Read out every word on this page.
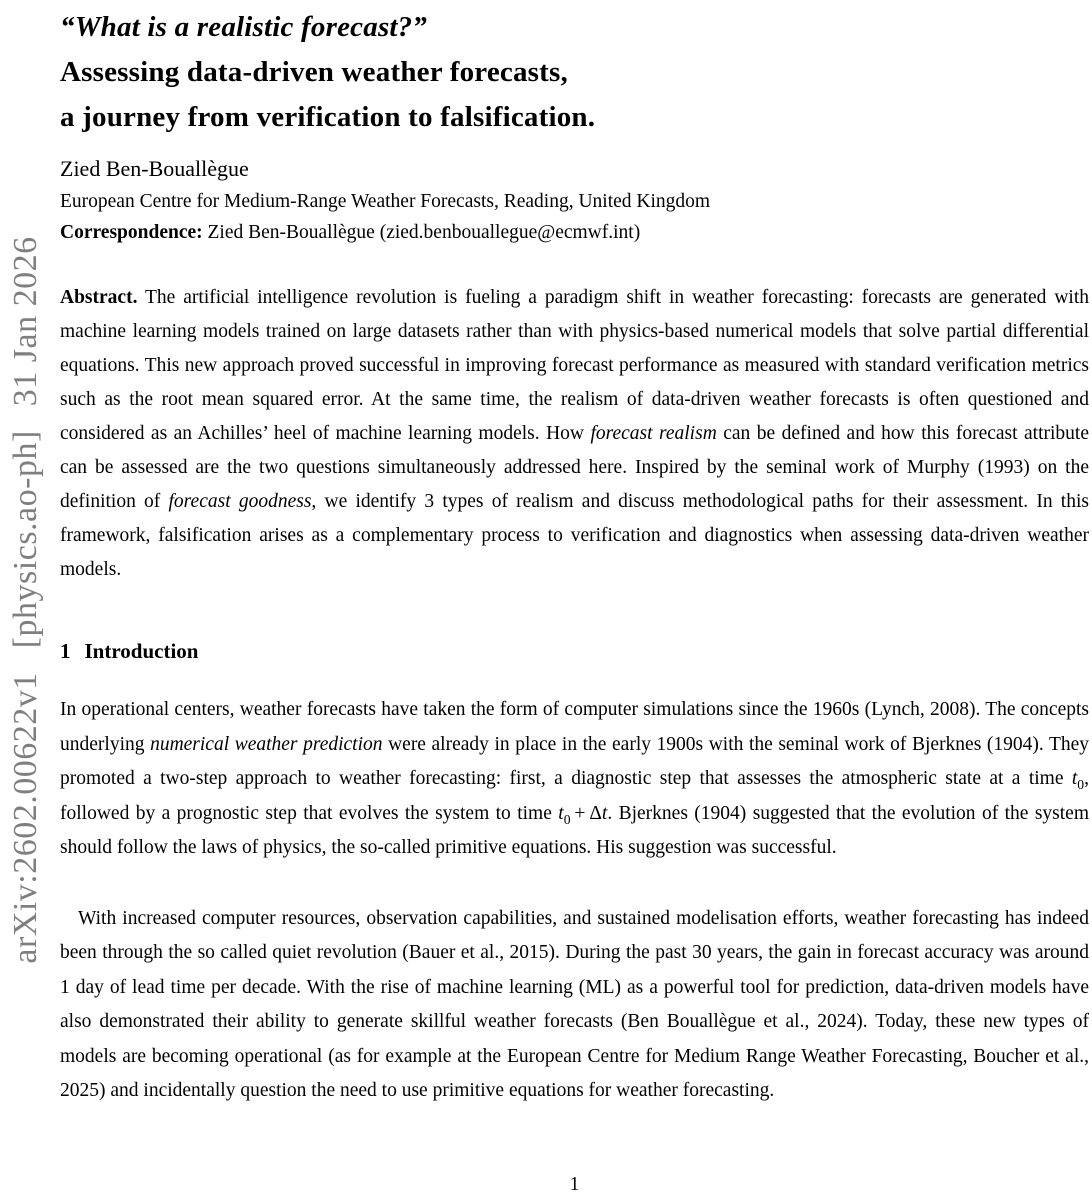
arXiv:2602.00622v1[physics.ao-ph]31 Jan 2026
“What is a realistic forecast?”
Assessing data-driven weather forecasts,
a journey from verification to falsification.
Zied Ben-Bouallègue
European Centre for Medium-Range Weather Forecasts, Reading, United Kingdom
Correspondence: Zied Ben-Bouallègue (zied.benbouallegue@ecmwf.int)

Abstract. The artificial intelligence revolution is fueling a paradigm shift in weather forecasting: forecasts are generated with machine learning models trained on large datasets rather than with physics-based numerical models that solve partial differential equations. This new approach proved successful in improving forecast performance as measured with standard verification metrics such as the root mean squared error. At the same time, the realism of data-driven weather forecasts is often questioned and considered as an Achilles’ heel of machine learning models. How forecast realism can be defined and how this forecast attribute can be assessed are the two questions simultaneously addressed here. Inspired by the seminal work of Murphy (1993) on the definition of forecast goodness, we identify 3 types of realism and discuss methodological paths for their assessment. In this framework, falsification arises as a complementary process to verification and diagnostics when assessing data-driven weather models.

1 Introduction

In operational centers, weather forecasts have taken the form of computer simulations since the 1960s (Lynch, 2008). The concepts underlying numerical weather prediction were already in place in the early 1900s with the seminal work of Bjerknes (1904). They promoted a two-step approach to weather forecasting: first, a diagnostic step that assesses the atmospheric state at a time $t_0$, followed by a prognostic step that evolves the system to time $t_0 + \Delta t$. Bjerknes (1904) suggested that the evolution of the system should follow the laws of physics, the so-called primitive equations. His suggestion was successful.

With increased computer resources, observation capabilities, and sustained modelisation efforts, weather forecasting has indeed been through the so called quiet revolution (Bauer et al., 2015). During the past 30 years, the gain in forecast accuracy was around 1 day of lead time per decade. With the rise of machine learning (ML) as a powerful tool for prediction, data-driven models have also demonstrated their ability to generate skillful weather forecasts (Ben Bouallègue et al., 2024). Today, these new types of models are becoming operational (as for example at the European Centre for Medium Range Weather Forecasting, Boucher et al., 2025) and incidentally question the need to use primitive equations for weather forecasting.

1
